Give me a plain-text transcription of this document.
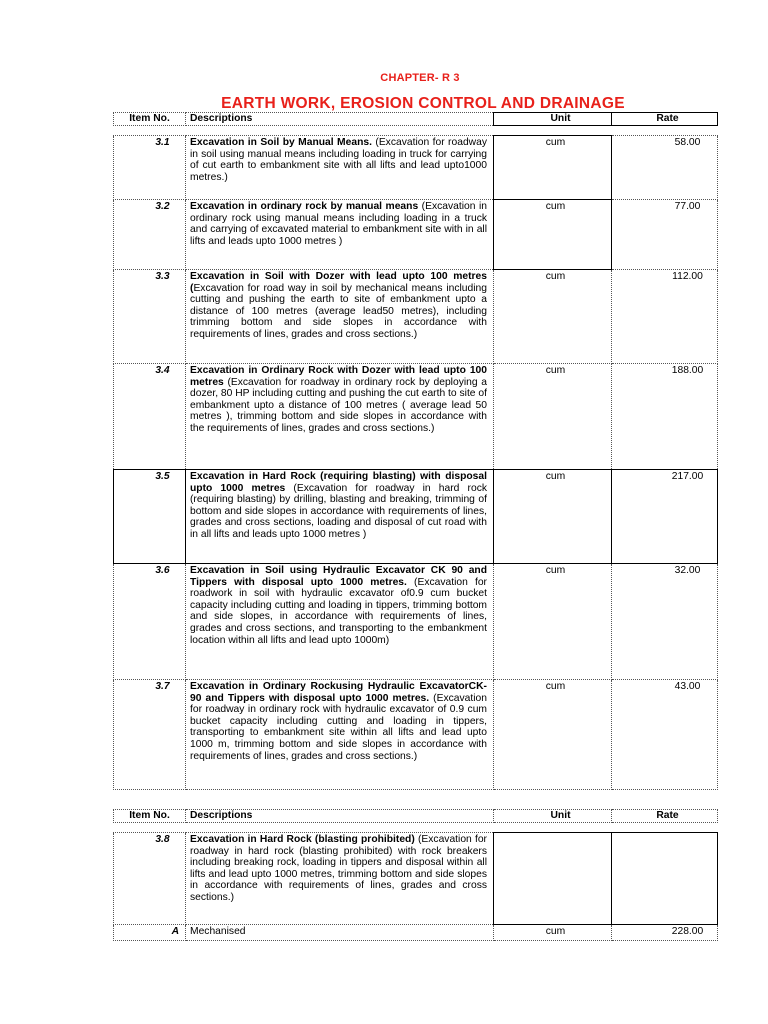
CHAPTER- R 3
EARTH WORK, EROSION CONTROL AND DRAINAGE
Item No.	Descriptions	Unit	Rate

3.1	Excavation in Soil by Manual Means. (Excavation for roadway in soil using manual means including loading in truck for carrying of cut earth to embankment site with all lifts and lead upto1000 metres.)	cum	58.00
3.2	Excavation in ordinary rock by manual means (Excavation in ordinary rock using manual means including loading in a truck and carrying of excavated material to embankment site with in all lifts and leads upto 1000 metres )	cum	77.00
3.3	Excavation in Soil with Dozer with lead upto 100 metres (Excavation for road way in soil by mechanical means including cutting and pushing the earth to site of embankment upto a distance of 100 metres (average lead50 metres), including trimming bottom and side slopes in accordance with requirements of lines, grades and cross sections.)	cum	112.00
3.4	Excavation in Ordinary Rock with Dozer with lead upto 100 metres (Excavation for roadway in ordinary rock by deploying a dozer, 80 HP including cutting and pushing the cut earth to site of embankment upto a distance of 100 metres ( average lead 50 metres ), trimming bottom and side slopes in accordance with the requirements of lines, grades and cross sections.)	cum	188.00
3.5	Excavation in Hard Rock (requiring blasting) with disposal upto 1000 metres (Excavation for roadway in hard rock (requiring blasting) by drilling, blasting and breaking, trimming of bottom and side slopes in accordance with requirements of lines, grades and cross sections, loading and disposal of cut road with in all lifts and leads upto 1000 metres )	cum	217.00
3.6	Excavation in Soil using Hydraulic Excavator CK 90 and Tippers with disposal upto 1000 metres. (Excavation for roadwork in soil with hydraulic excavator of0.9 cum bucket capacity including cutting and loading in tippers, trimming bottom and side slopes, in accordance with requirements of lines, grades and cross sections, and transporting to the embankment location within all lifts and lead upto 1000m)	cum	32.00
3.7	Excavation in Ordinary Rockusing Hydraulic ExcavatorCK-90 and Tippers with disposal upto 1000 metres. (Excavation for roadway in ordinary rock with hydraulic excavator of 0.9 cum bucket capacity including cutting and loading in tippers, transporting to embankment site within all lifts and lead upto 1000 m, trimming bottom and side slopes in accordance with requirements of lines, grades and cross sections.)	cum	43.00
Item No.	Descriptions	Unit	Rate

3.8	Excavation in Hard Rock (blasting prohibited) (Excavation for roadway in hard rock (blasting prohibited) with rock breakers including breaking rock, loading in tippers and disposal within all lifts and lead upto 1000 metres, trimming bottom and side slopes in accordance with requirements of lines, grades and cross sections.)		
A	Mechanised	cum	228.00
